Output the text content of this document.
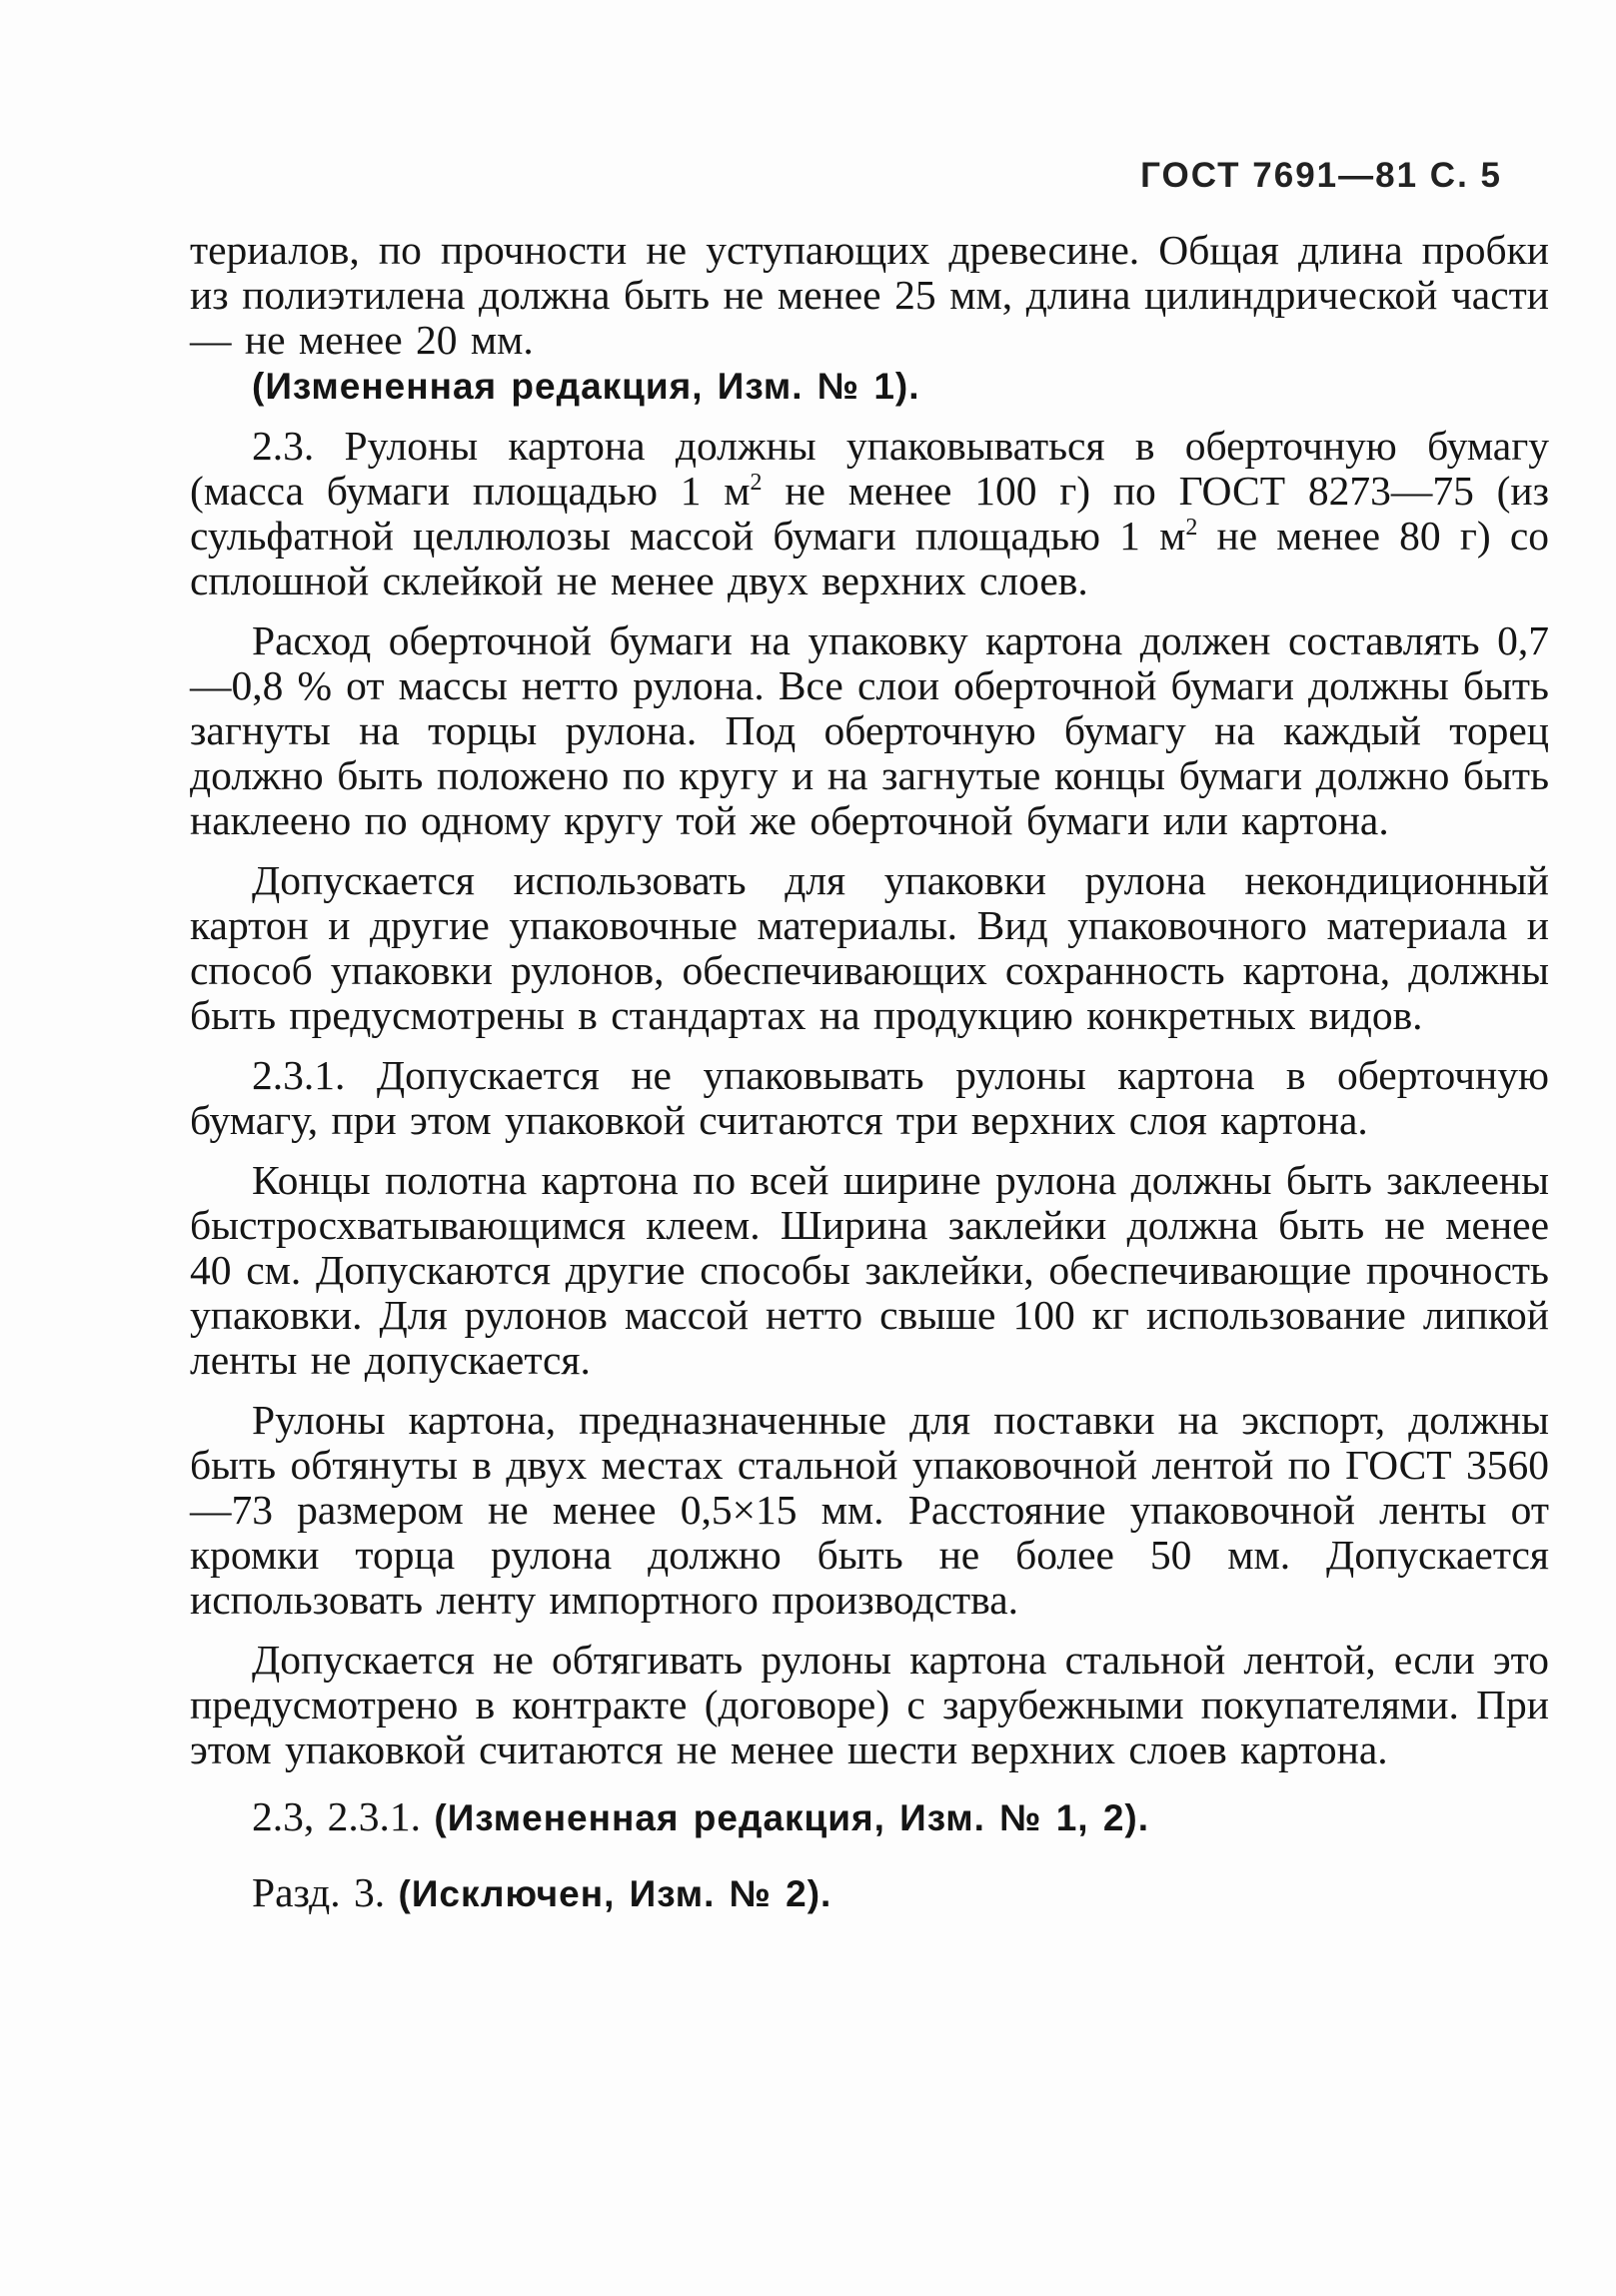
ГОСТ 7691—81 С. 5

териалов, по прочности не уступающих древесине. Общая длина пробки из полиэтилена должна быть не менее 25 мм, длина цилиндрической части — не менее 20 мм.

(Измененная редакция, Изм. № 1).

2.3. Рулоны картона должны упаковываться в оберточную бумагу (масса бумаги площадью 1 $м^2$ не менее 100 г) по ГОСТ 8273—75 (из сульфатной целлюлозы массой бумаги площадью 1 $м^2$ не менее 80 г) со сплошной склейкой не менее двух верхних слоев.

Расход оберточной бумаги на упаковку картона должен составлять 0,7—0,8 % от массы нетто рулона. Все слои оберточной бумаги должны быть загнуты на торцы рулона. Под оберточную бумагу на каждый торец должно быть положено по кругу и на загнутые концы бумаги должно быть наклеено по одному кругу той же оберточной бумаги или картона.

Допускается использовать для упаковки рулона некондиционный картон и другие упаковочные материалы. Вид упаковочного материала и способ упаковки рулонов, обеспечивающих сохранность картона, должны быть предусмотрены в стандартах на продукцию конкретных видов.

2.3.1. Допускается не упаковывать рулоны картона в оберточную бумагу, при этом упаковкой считаются три верхних слоя картона.

Концы полотна картона по всей ширине рулона должны быть заклеены быстросхватывающимся клеем. Ширина заклейки должна быть не менее 40 см. Допускаются другие способы заклейки, обеспечивающие прочность упаковки. Для рулонов массой нетто свыше 100 кг использование липкой ленты не допускается.

Рулоны картона, предназначенные для поставки на экспорт, должны быть обтянуты в двух местах стальной упаковочной лентой по ГОСТ 3560—73 размером не менее 0,5×15 мм. Расстояние упаковочной ленты от кромки торца рулона должно быть не более 50 мм. Допускается использовать ленту импортного производства.

Допускается не обтягивать рулоны картона стальной лентой, если это предусмотрено в контракте (договоре) с зарубежными покупателями. При этом упаковкой считаются не менее шести верхних слоев картона.

2.3, 2.3.1. (Измененная редакция, Изм. № 1, 2).

Разд. 3. (Исключен, Изм. № 2).
